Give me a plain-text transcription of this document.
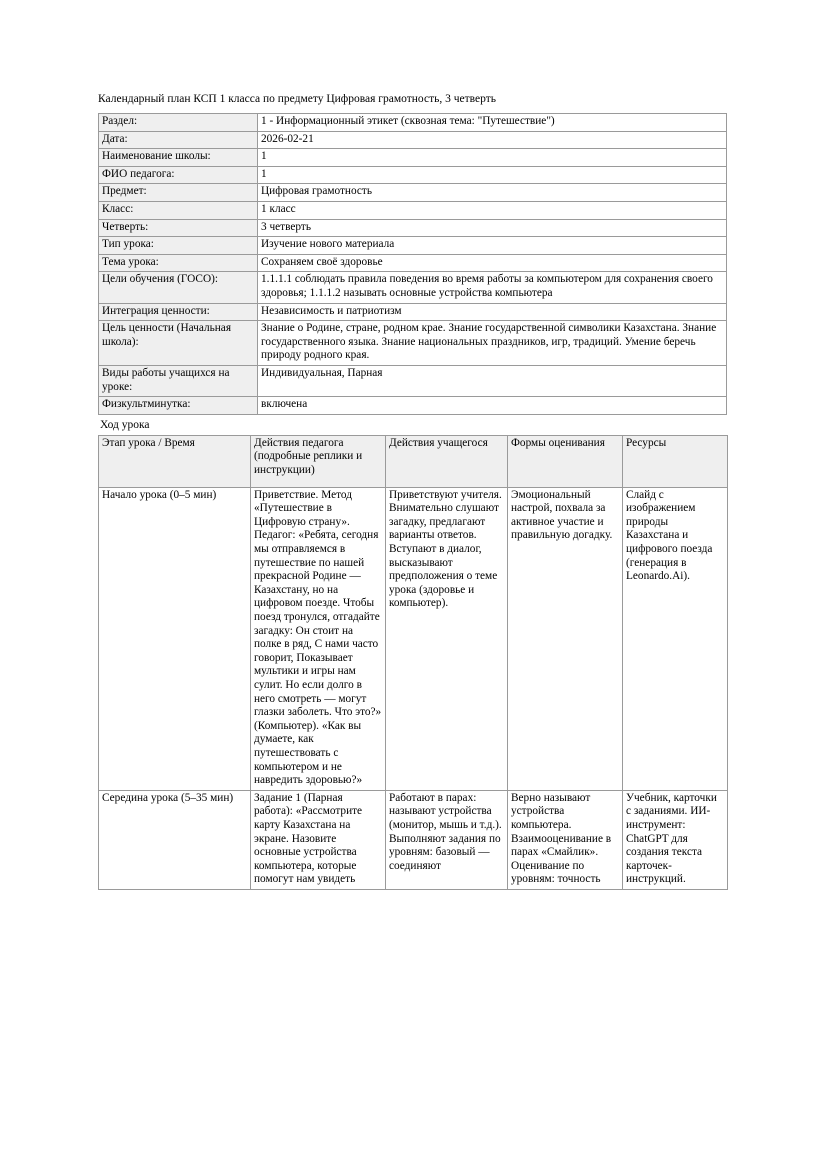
Календарный план КСП 1 класса по предмету Цифровая грамотность, 3 четверть

Раздел:	1 - Информационный этикет (сквозная тема: "Путешествие")
Дата:	2026-02-21
Наименование школы:	1
ФИО педагога:	1
Предмет:	Цифровая грамотность
Класс:	1 класс
Четверть:	3 четверть
Тип урока:	Изучение нового материала
Тема урока:	Сохраняем своё здоровье
Цели обучения (ГОСО):	1.1.1.1 соблюдать правила поведения во время работы за компьютером для сохранения своего здоровья; 1.1.1.2 называть основные устройства компьютера
Интеграция ценности:	Независимость и патриотизм
Цель ценности (Начальная школа):	Знание о Родине, стране, родном крае. Знание государственной символики Казахстана. Знание государственного языка. Знание национальных праздников, игр, традиций. Умение беречь природу родного края.
Виды работы учащихся на уроке:	Индивидуальная, Парная
Физкультминутка:	включена

Ход урока

Этап урока / Время	Действия педагога (подробные реплики и инструкции)	Действия учащегося	Формы оценивания	Ресурсы
Начало урока (0–5 мин)	Приветствие. Метод «Путешествие в Цифровую страну». Педагог: «Ребята, сегодня мы отправляемся в путешествие по нашей прекрасной Родине — Казахстану, но на цифровом поезде. Чтобы поезд тронулся, отгадайте загадку: Он стоит на полке в ряд, С нами часто говорит, Показывает мультики и игры нам сулит. Но если долго в него смотреть — могут глазки заболеть. Что это?» (Компьютер). «Как вы думаете, как путешествовать с компьютером и не навредить здоровью?»	Приветствуют учителя. Внимательно слушают загадку, предлагают варианты ответов. Вступают в диалог, высказывают предположения о теме урока (здоровье и компьютер).	Эмоциональный настрой, похвала за активное участие и правильную догадку.	Слайд с изображением природы Казахстана и цифрового поезда (генерация в Leonardo.Ai).
Середина урока (5–35 мин)	Задание 1 (Парная работа): «Рассмотрите карту Казахстана на экране. Назовите основные устройства компьютера, которые помогут нам увидеть	Работают в парах: называют устройства (монитор, мышь и т.д.). Выполняют задания по уровням: базовый — соединяют	Верно называют устройства компьютера. Взаимооценивание в парах «Смайлик». Оценивание по уровням: точность	Учебник, карточки с заданиями. ИИ-инструмент: ChatGPT для создания текста карточек-инструкций.
